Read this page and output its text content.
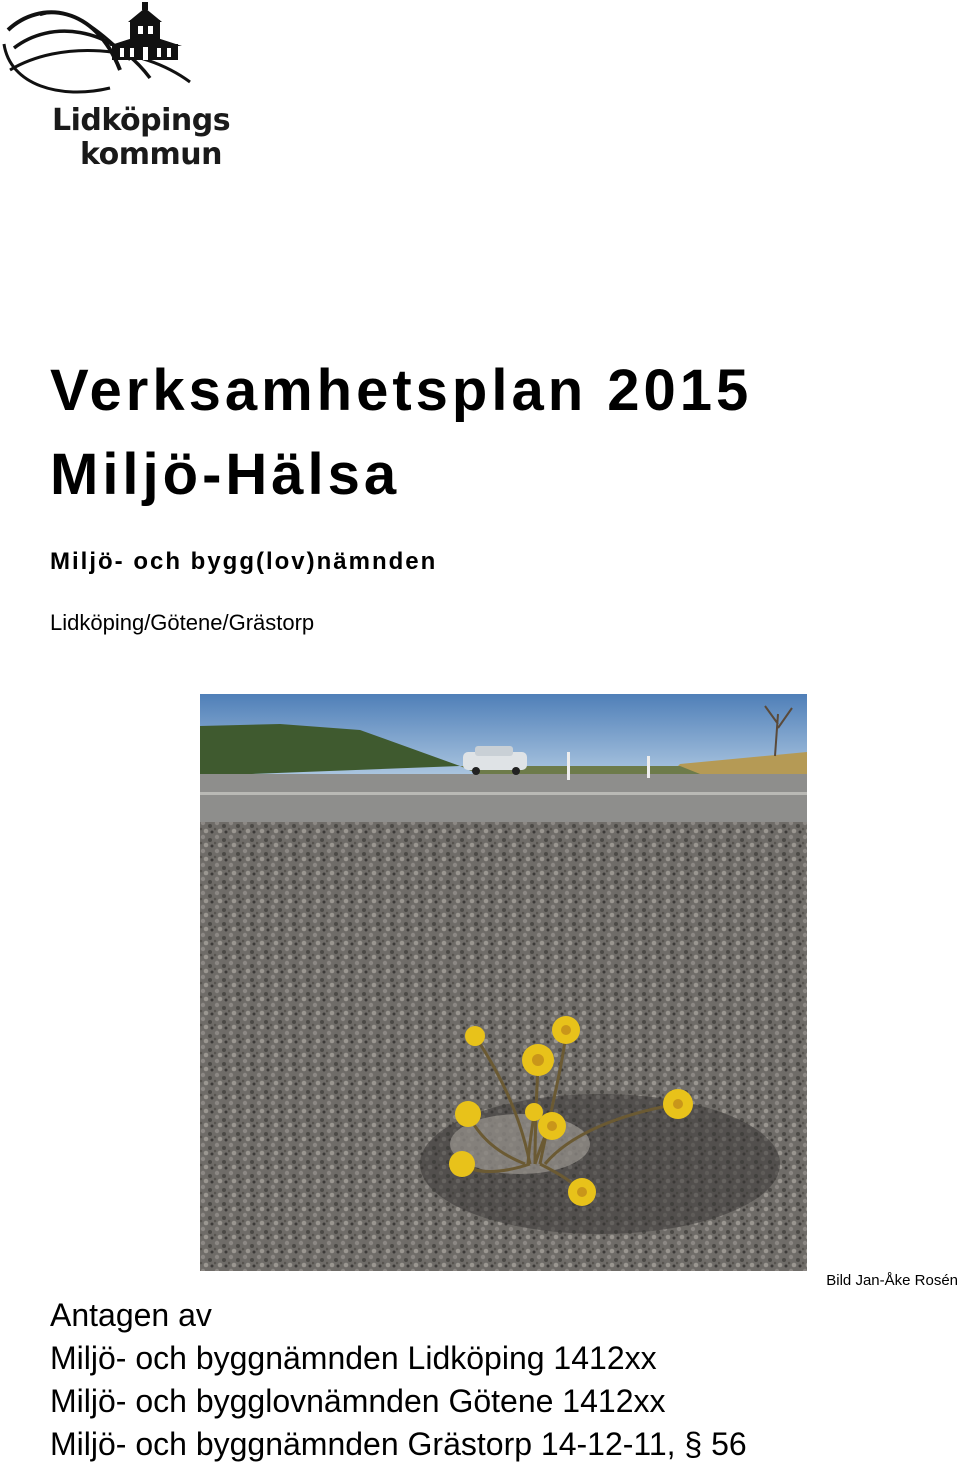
Lidköpings
kommun
Verksamhetsplan 2015
Miljö-Hälsa
Miljö- och bygg(lov)nämnden
Lidköping/Götene/Grästorp
Bild Jan-Åke Rosén
Antagen av
Miljö- och byggnämnden Lidköping 1412xx
Miljö- och bygglovnämnden Götene 1412xx
Miljö- och byggnämnden Grästorp 14-12-11, § 56
